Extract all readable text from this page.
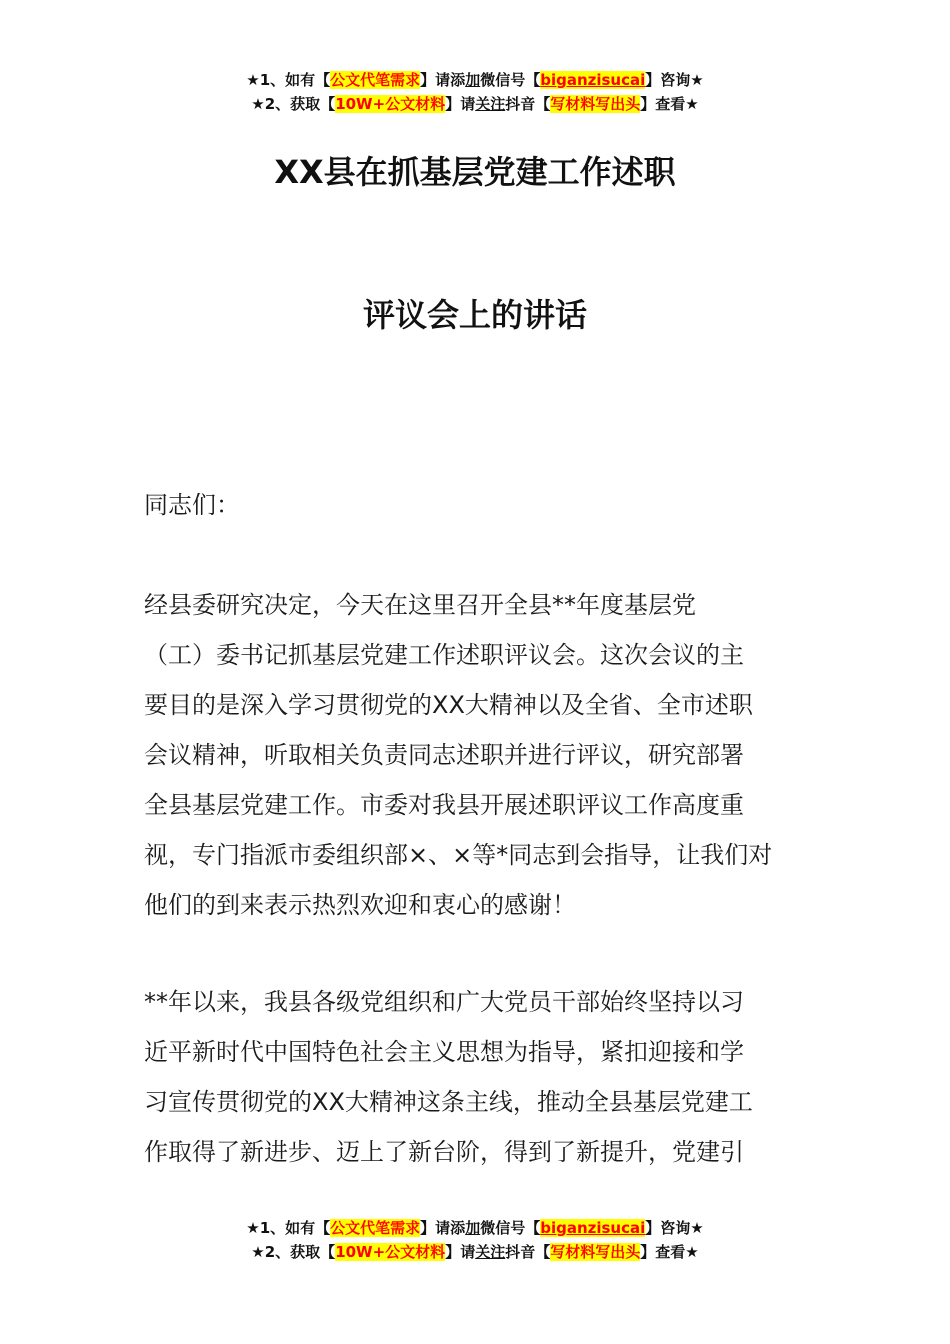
★1、如有【公文代笔需求】请添加微信号【biganzisucai】咨询★
★2、获取【10W+公文材料】请关注抖音【写材料写出头】查看★
XX县在抓基层党建工作述职
评议会上的讲话
同志们：
经县委研究决定，今天在这里召开全县**年度基层党
（工）委书记抓基层党建工作述职评议会。这次会议的主
要目的是深入学习贯彻党的XX大精神以及全省、全市述职
会议精神，听取相关负责同志述职并进行评议，研究部署
全县基层党建工作。市委对我县开展述职评议工作高度重
视，专门指派市委组织部×、×等*同志到会指导，让我们对
他们的到来表示热烈欢迎和衷心的感谢！
**年以来，我县各级党组织和广大党员干部始终坚持以习
近平新时代中国特色社会主义思想为指导，紧扣迎接和学
习宣传贯彻党的XX大精神这条主线，推动全县基层党建工
作取得了新进步、迈上了新台阶，得到了新提升，党建引
★1、如有【公文代笔需求】请添加微信号【biganzisucai】咨询★
★2、获取【10W+公文材料】请关注抖音【写材料写出头】查看★
